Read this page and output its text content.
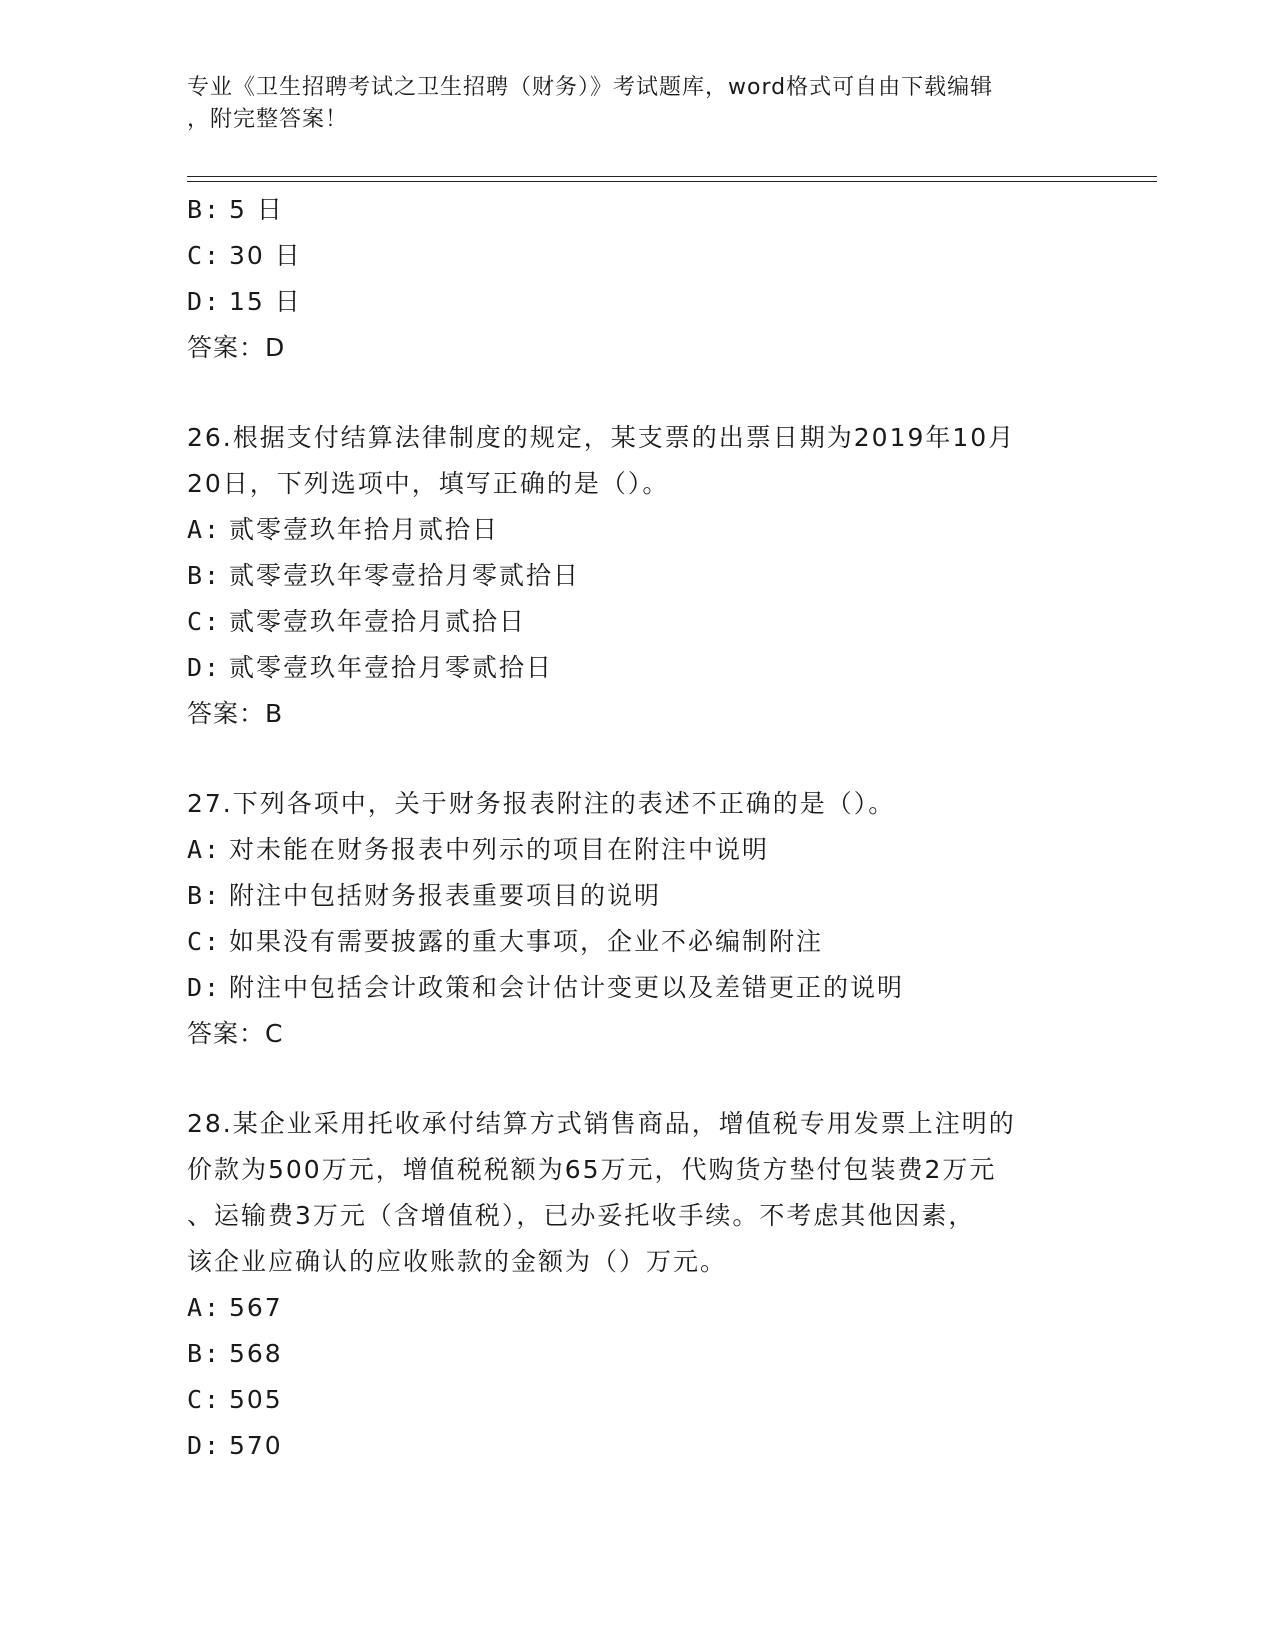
专业《卫生招聘考试之卫生招聘（财务）》考试题库，word格式可自由下载编辑
，附完整答案！
B: 5 日
C: 30 日
D: 15 日
答案：D
26.根据支付结算法律制度的规定，某支票的出票日期为2019年10月
20日，下列选项中，填写正确的是（）。
A: 贰零壹玖年拾月贰拾日
B: 贰零壹玖年零壹拾月零贰拾日
C: 贰零壹玖年壹拾月贰拾日
D: 贰零壹玖年壹拾月零贰拾日
答案：B
27.下列各项中，关于财务报表附注的表述不正确的是（）。
A: 对未能在财务报表中列示的项目在附注中说明
B: 附注中包括财务报表重要项目的说明
C: 如果没有需要披露的重大事项，企业不必编制附注
D: 附注中包括会计政策和会计估计变更以及差错更正的说明
答案：C
28.某企业采用托收承付结算方式销售商品，增值税专用发票上注明的
价款为500万元，增值税税额为65万元，代购货方垫付包装费2万元
、运输费3万元（含增值税），已办妥托收手续。不考虑其他因素，
该企业应确认的应收账款的金额为（）万元。
A: 567
B: 568
C: 505
D: 570
